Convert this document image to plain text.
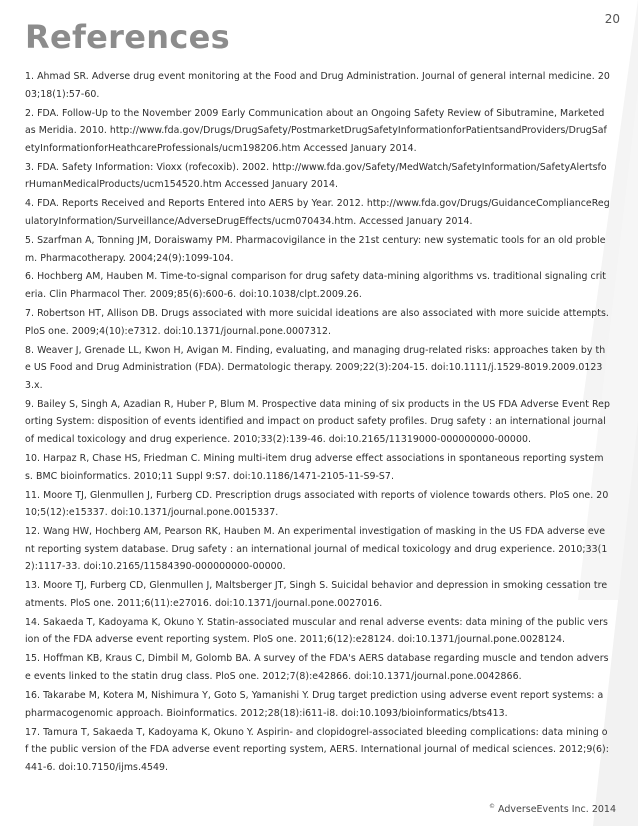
20
References
1. Ahmad SR. Adverse drug event monitoring at the Food and Drug Administration. Journal of general internal medicine. 2003;18(1):57-60.
2. FDA. Follow-Up to the November 2009 Early Communication about an Ongoing Safety Review of Sibutramine, Marketed as Meridia. 2010. http://www.fda.gov/Drugs/DrugSafety/PostmarketDrugSafetyInformationforPatientsandProviders/DrugSafetyInformationforHeathcareProfessionals/ucm198206.htm Accessed January 2014.
3. FDA. Safety Information: Vioxx (rofecoxib). 2002. http://www.fda.gov/Safety/MedWatch/SafetyInformation/SafetyAlertsforHumanMedicalProducts/ucm154520.htm Accessed January 2014.
4. FDA. Reports Received and Reports Entered into AERS by Year. 2012. http://www.fda.gov/Drugs/GuidanceComplianceRegulatoryInformation/Surveillance/AdverseDrugEffects/ucm070434.htm. Accessed January 2014.
5. Szarfman A, Tonning JM, Doraiswamy PM. Pharmacovigilance in the 21st century: new systematic tools for an old problem. Pharmacotherapy. 2004;24(9):1099-104.
6. Hochberg AM, Hauben M. Time-to-signal comparison for drug safety data-mining algorithms vs. traditional signaling criteria. Clin Pharmacol Ther. 2009;85(6):600-6. doi:10.1038/clpt.2009.26.
7. Robertson HT, Allison DB. Drugs associated with more suicidal ideations are also associated with more suicide attempts. PloS one. 2009;4(10):e7312. doi:10.1371/journal.pone.0007312.
8. Weaver J, Grenade LL, Kwon H, Avigan M. Finding, evaluating, and managing drug-related risks: approaches taken by the US Food and Drug Administration (FDA). Dermatologic therapy. 2009;22(3):204-15. doi:10.1111/j.1529-8019.2009.01233.x.
9. Bailey S, Singh A, Azadian R, Huber P, Blum M. Prospective data mining of six products in the US FDA Adverse Event Reporting System: disposition of events identified and impact on product safety profiles. Drug safety : an international journal of medical toxicology and drug experience. 2010;33(2):139-46. doi:10.2165/11319000-000000000-00000.
10. Harpaz R, Chase HS, Friedman C. Mining multi-item drug adverse effect associations in spontaneous reporting systems. BMC bioinformatics. 2010;11 Suppl 9:S7. doi:10.1186/1471-2105-11-S9-S7.
11. Moore TJ, Glenmullen J, Furberg CD. Prescription drugs associated with reports of violence towards others. PloS one. 2010;5(12):e15337. doi:10.1371/journal.pone.0015337.
12. Wang HW, Hochberg AM, Pearson RK, Hauben M. An experimental investigation of masking in the US FDA adverse event reporting system database. Drug safety : an international journal of medical toxicology and drug experience. 2010;33(12):1117-33. doi:10.2165/11584390-000000000-00000.
13. Moore TJ, Furberg CD, Glenmullen J, Maltsberger JT, Singh S. Suicidal behavior and depression in smoking cessation treatments. PloS one. 2011;6(11):e27016. doi:10.1371/journal.pone.0027016.
14. Sakaeda T, Kadoyama K, Okuno Y. Statin-associated muscular and renal adverse events: data mining of the public version of the FDA adverse event reporting system. PloS one. 2011;6(12):e28124. doi:10.1371/journal.pone.0028124.
15. Hoffman KB, Kraus C, Dimbil M, Golomb BA. A survey of the FDA's AERS database regarding muscle and tendon adverse events linked to the statin drug class. PloS one. 2012;7(8):e42866. doi:10.1371/journal.pone.0042866.
16. Takarabe M, Kotera M, Nishimura Y, Goto S, Yamanishi Y. Drug target prediction using adverse event report systems: a pharmacogenomic approach. Bioinformatics. 2012;28(18):i611-i8. doi:10.1093/bioinformatics/bts413.
17. Tamura T, Sakaeda T, Kadoyama K, Okuno Y. Aspirin- and clopidogrel-associated bleeding complications: data mining of the public version of the FDA adverse event reporting system, AERS. International journal of medical sciences. 2012;9(6):441-6. doi:10.7150/ijms.4549.
© AdverseEvents Inc. 2014
